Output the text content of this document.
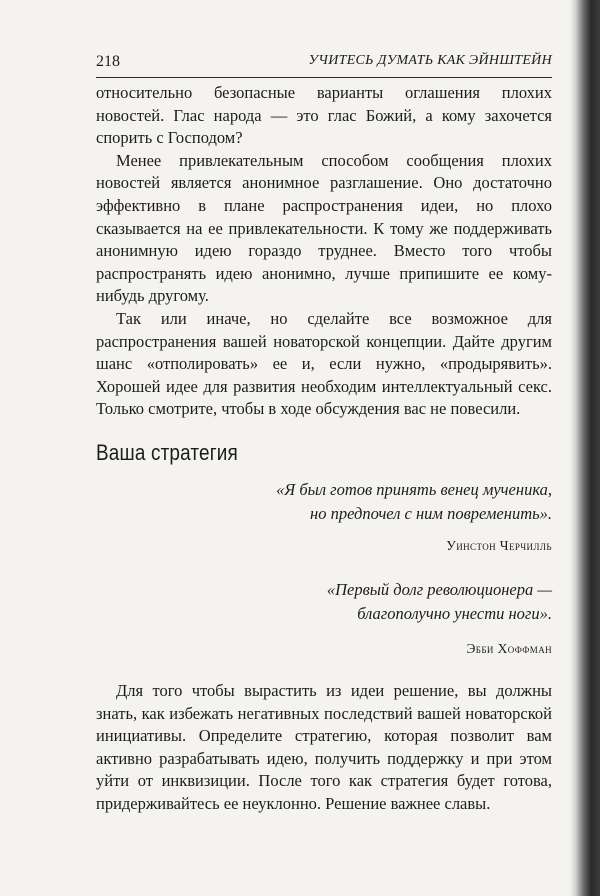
218	УЧИТЕСЬ ДУМАТЬ КАК ЭЙНШТЕЙН

относительно безопасные варианты оглашения плохих новостей. Глас народа — это глас Божий, а кому захочется спорить с Господом?

Менее привлекательным способом сообщения плохих новостей является анонимное разглашение. Оно достаточно эффективно в плане распространения идеи, но плохо сказывается на ее привлекательности. К тому же поддерживать анонимную идею гораздо труднее. Вместо того чтобы распространять идею анонимно, лучше припишите ее кому-нибудь другому.

Так или иначе, но сделайте все возможное для распространения вашей новаторской концепции. Дайте другим шанс «отполировать» ее и, если нужно, «продырявить». Хорошей идее для развития необходим интеллектуальный секс. Только смотрите, чтобы в ходе обсуждения вас не повесили.

Ваша стратегия
«Я был готов принять венец мученика,
но предпочел с ним повременить».
Уинстон Черчилль
«Первый долг революционера —
благополучно унести ноги».
Эбби Хоффман

Для того чтобы вырастить из идеи решение, вы должны знать, как избежать негативных последствий вашей новаторской инициативы. Определите стратегию, которая позволит вам активно разрабатывать идею, получить поддержку и при этом уйти от инквизиции. После того как стратегия будет готова, придерживайтесь ее неуклонно. Решение важнее славы.
